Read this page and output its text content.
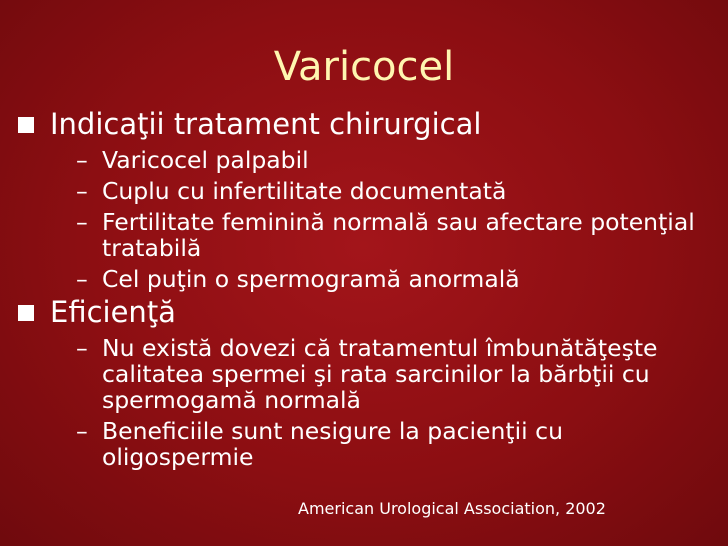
Varicocel
Indicaţii tratament chirurgical
– Varicocel palpabil
– Cuplu cu infertilitate documentată
– Fertilitate feminină normală sau afectare potenţial tratabilă
– Cel puţin o spermogramă anormală
Eficienţă
– Nu există dovezi că tratamentul îmbunătăţeşte calitatea spermei şi rata sarcinilor la bărbţii cu spermogamă normală
– Beneficiile sunt nesigure la pacienţii cu oligospermie
American Urological Association, 2002
